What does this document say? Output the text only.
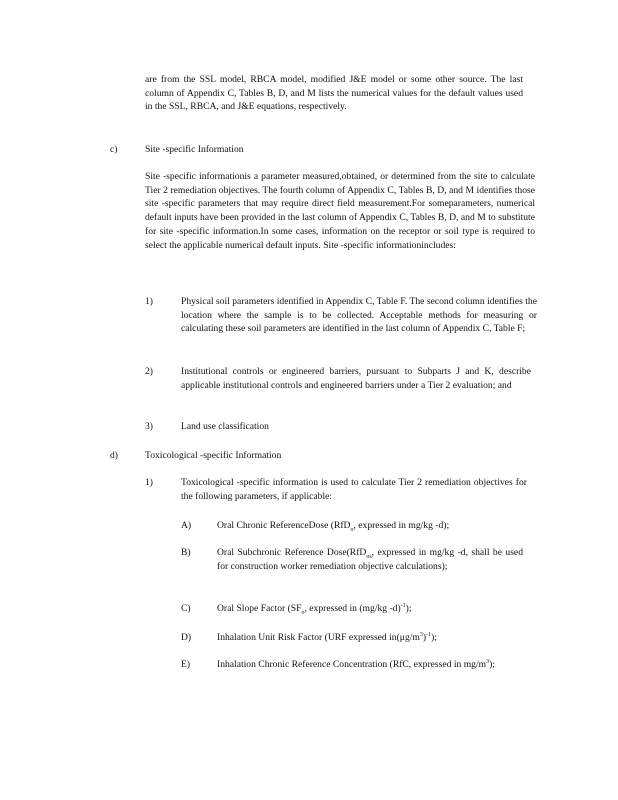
are from the SSL model, RBCA model, modified J&E model or some other source. The last column of Appendix C, Tables B, D, and M lists the numerical values for the default values used in the SSL, RBCA, and J&E equations, respectively.
c)	Site -specific Information
Site -specific informationis a parameter measured,obtained, or determined from the site to calculate Tier 2 remediation objectives. The fourth column of Appendix C, Tables B, D, and M identifies those site -specific parameters that may require direct field measurement.For someparameters, numerical default inputs have been provided in the last column of Appendix C, Tables B, D, and M to substitute for site -specific information.In some cases, information on the receptor or soil type is required to select the applicable numerical default inputs. Site -specific informationincludes:
1)	Physical soil parameters identified in Appendix C, Table F. The second column identifies the location where the sample is to be collected. Acceptable methods for measuring or calculating these soil parameters are identified in the last column of Appendix C, Table F;
2)	Institutional controls or engineered barriers, pursuant to Subparts J and K, describe applicable institutional controls and engineered barriers under a Tier 2 evaluation; and
3)	Land use classification
d)	Toxicological -specific Information
1)	Toxicological -specific information is used to calculate Tier 2 remediation objectives for the following parameters, if applicable:
A)	Oral Chronic ReferenceDose (RfD$_o$, expressed in mg/kg -d);
B)	Oral Subchronic Reference Dose(RfD$_{os}$, expressed in mg/kg -d, shall be used for construction worker remediation objective calculations);
C)	Oral Slope Factor ($SF_o$, expressed in (mg/kg -d)$^{-1}$);
D)	Inhalation Unit Risk Factor (URF expressed $in(\mu g/m^3)^{-1}$);
E)	Inhalation Chronic Reference Concentration (RfC, expressed in $mg/m^3$);
